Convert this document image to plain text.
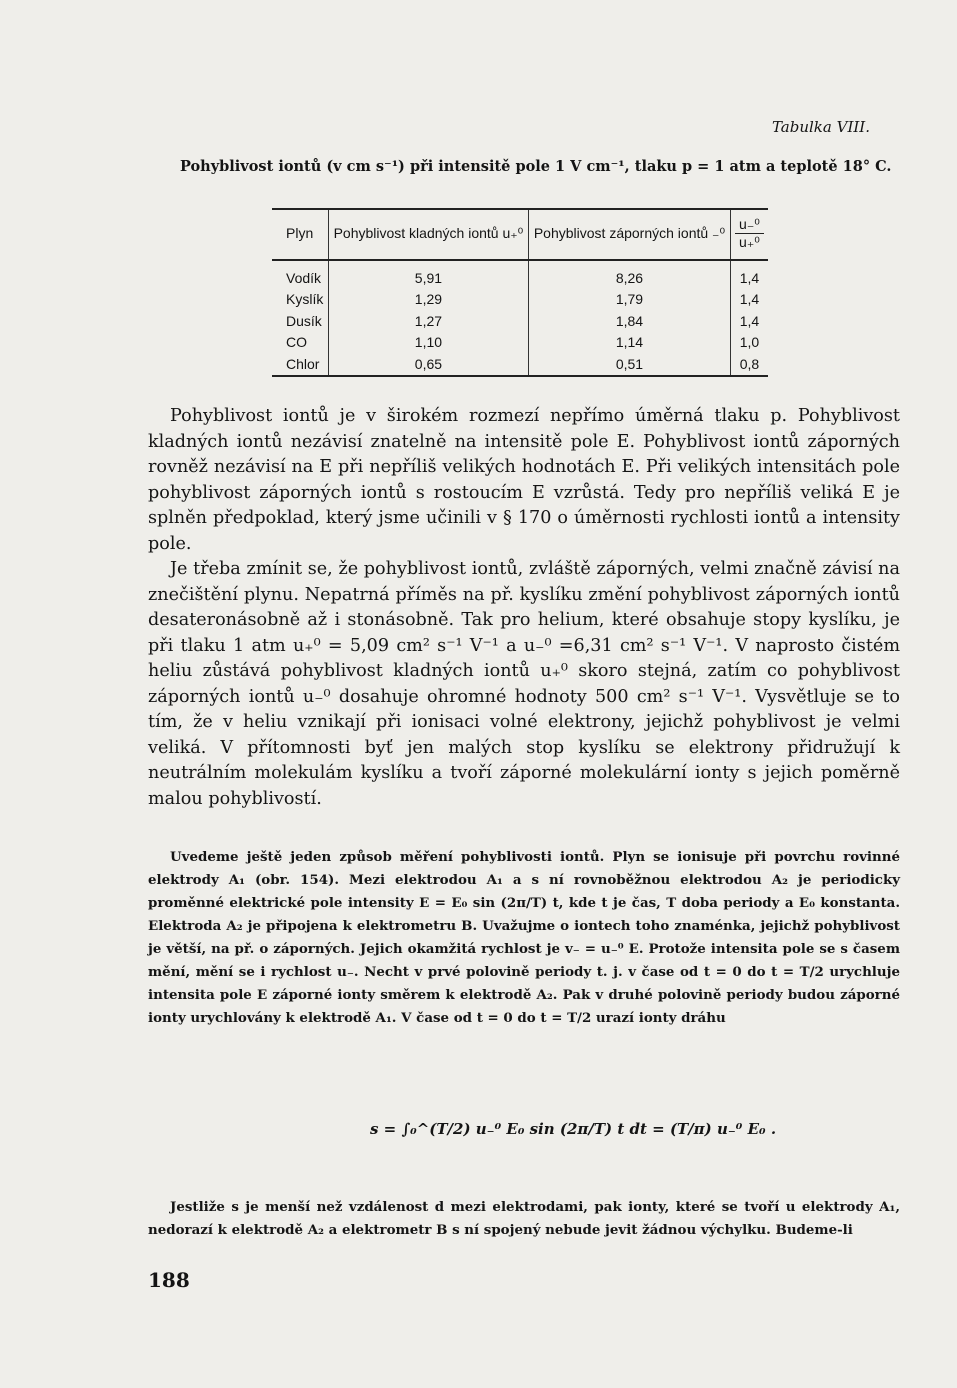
Tabulka VIII.
Pohyblivost iontů (v cm s⁻¹) při intensitě pole 1 V cm⁻¹, tlaku p = 1 atm a teplotě 18° C.
Plyn	Pohyblivost kladných iontů u₊⁰	Pohyblivost záporných iontů ₋⁰	$\frac{\text{u₋⁰}}{\text{u₊⁰}}$

Vodík	5,91	8,26	1,4
Kyslík	1,29	1,79	1,4
Dusík	1,27	1,84	1,4
CO	1,10	1,14	1,0
Chlor	0,65	0,51	0,8

Pohyblivost iontů je v širokém rozmezí nepřímo úměrná tlaku p. Pohyblivost kladných iontů nezávisí znatelně na intensitě pole E. Pohyblivost iontů záporných rovněž nezávisí na E při nepříliš velikých hodnotách E. Při velikých intensitách pole pohyblivost záporných iontů s rostoucím E vzrůstá. Tedy pro nepříliš veliká E je splněn předpoklad, který jsme učinili v § 170 o úměrnosti rychlosti iontů a intensity pole.

Je třeba zmínit se, že pohyblivost iontů, zvláště záporných, velmi značně závisí na znečištění plynu. Nepatrná příměs na př. kyslíku změní pohyblivost záporných iontů desateronásobně až i stonásobně. Tak pro helium, které obsahuje stopy kyslíku, je při tlaku 1 atm u₊⁰ = 5,09 cm² s⁻¹ V⁻¹ a u₋⁰ =6,31 cm² s⁻¹ V⁻¹. V naprosto čistém heliu zůstává pohyblivost kladných iontů u₊⁰ skoro stejná, zatím co pohyblivost záporných iontů u₋⁰ dosahuje ohromné hodnoty 500 cm² s⁻¹ V⁻¹. Vysvětluje se to tím, že v heliu vznikají při ionisaci volné elektrony, jejichž pohyblivost je velmi veliká. V přítomnosti byť jen malých stop kyslíku se elektrony přidružují k neutrálním molekulám kyslíku a tvoří záporné molekulární ionty s jejich poměrně malou pohyblivostí.

Uvedeme ještě jeden způsob měření pohyblivosti iontů. Plyn se ionisuje při povrchu rovinné elektrody A₁ (obr. 154). Mezi elektrodou A₁ a s ní rovnoběžnou elektrodou A₂ je periodicky proměnné elektrické pole intensity E = E₀ sin (2π/T) t, kde t je čas, T doba periody a E₀ konstanta. Elektroda A₂ je připojena k elektrometru B. Uvažujme o iontech toho znaménka, jejichž pohyblivost je větší, na př. o záporných. Jejich okamžitá rychlost je v₋ = u₋⁰ E. Protože intensita pole se s časem mění, mění se i rychlost u₋. Necht v prvé polovině periody t. j. v čase od t = 0 do t = T/2 urychluje intensita pole E záporné ionty směrem k elektrodě A₂. Pak v druhé polovině periody budou záporné ionty urychlovány k elektrodě A₁. V čase od t = 0 do t = T/2 urazí ionty dráhu

s = ∫₀^(T/2) u₋⁰ E₀ sin (2π/T) t dt = (T/π) u₋⁰ E₀ .

Jestliže s je menší než vzdálenost d mezi elektrodami, pak ionty, které se tvoří u elektrody A₁, nedorazí k elektrodě A₂ a elektrometr B s ní spojený nebude jevit žádnou výchylku. Budeme-li

188
